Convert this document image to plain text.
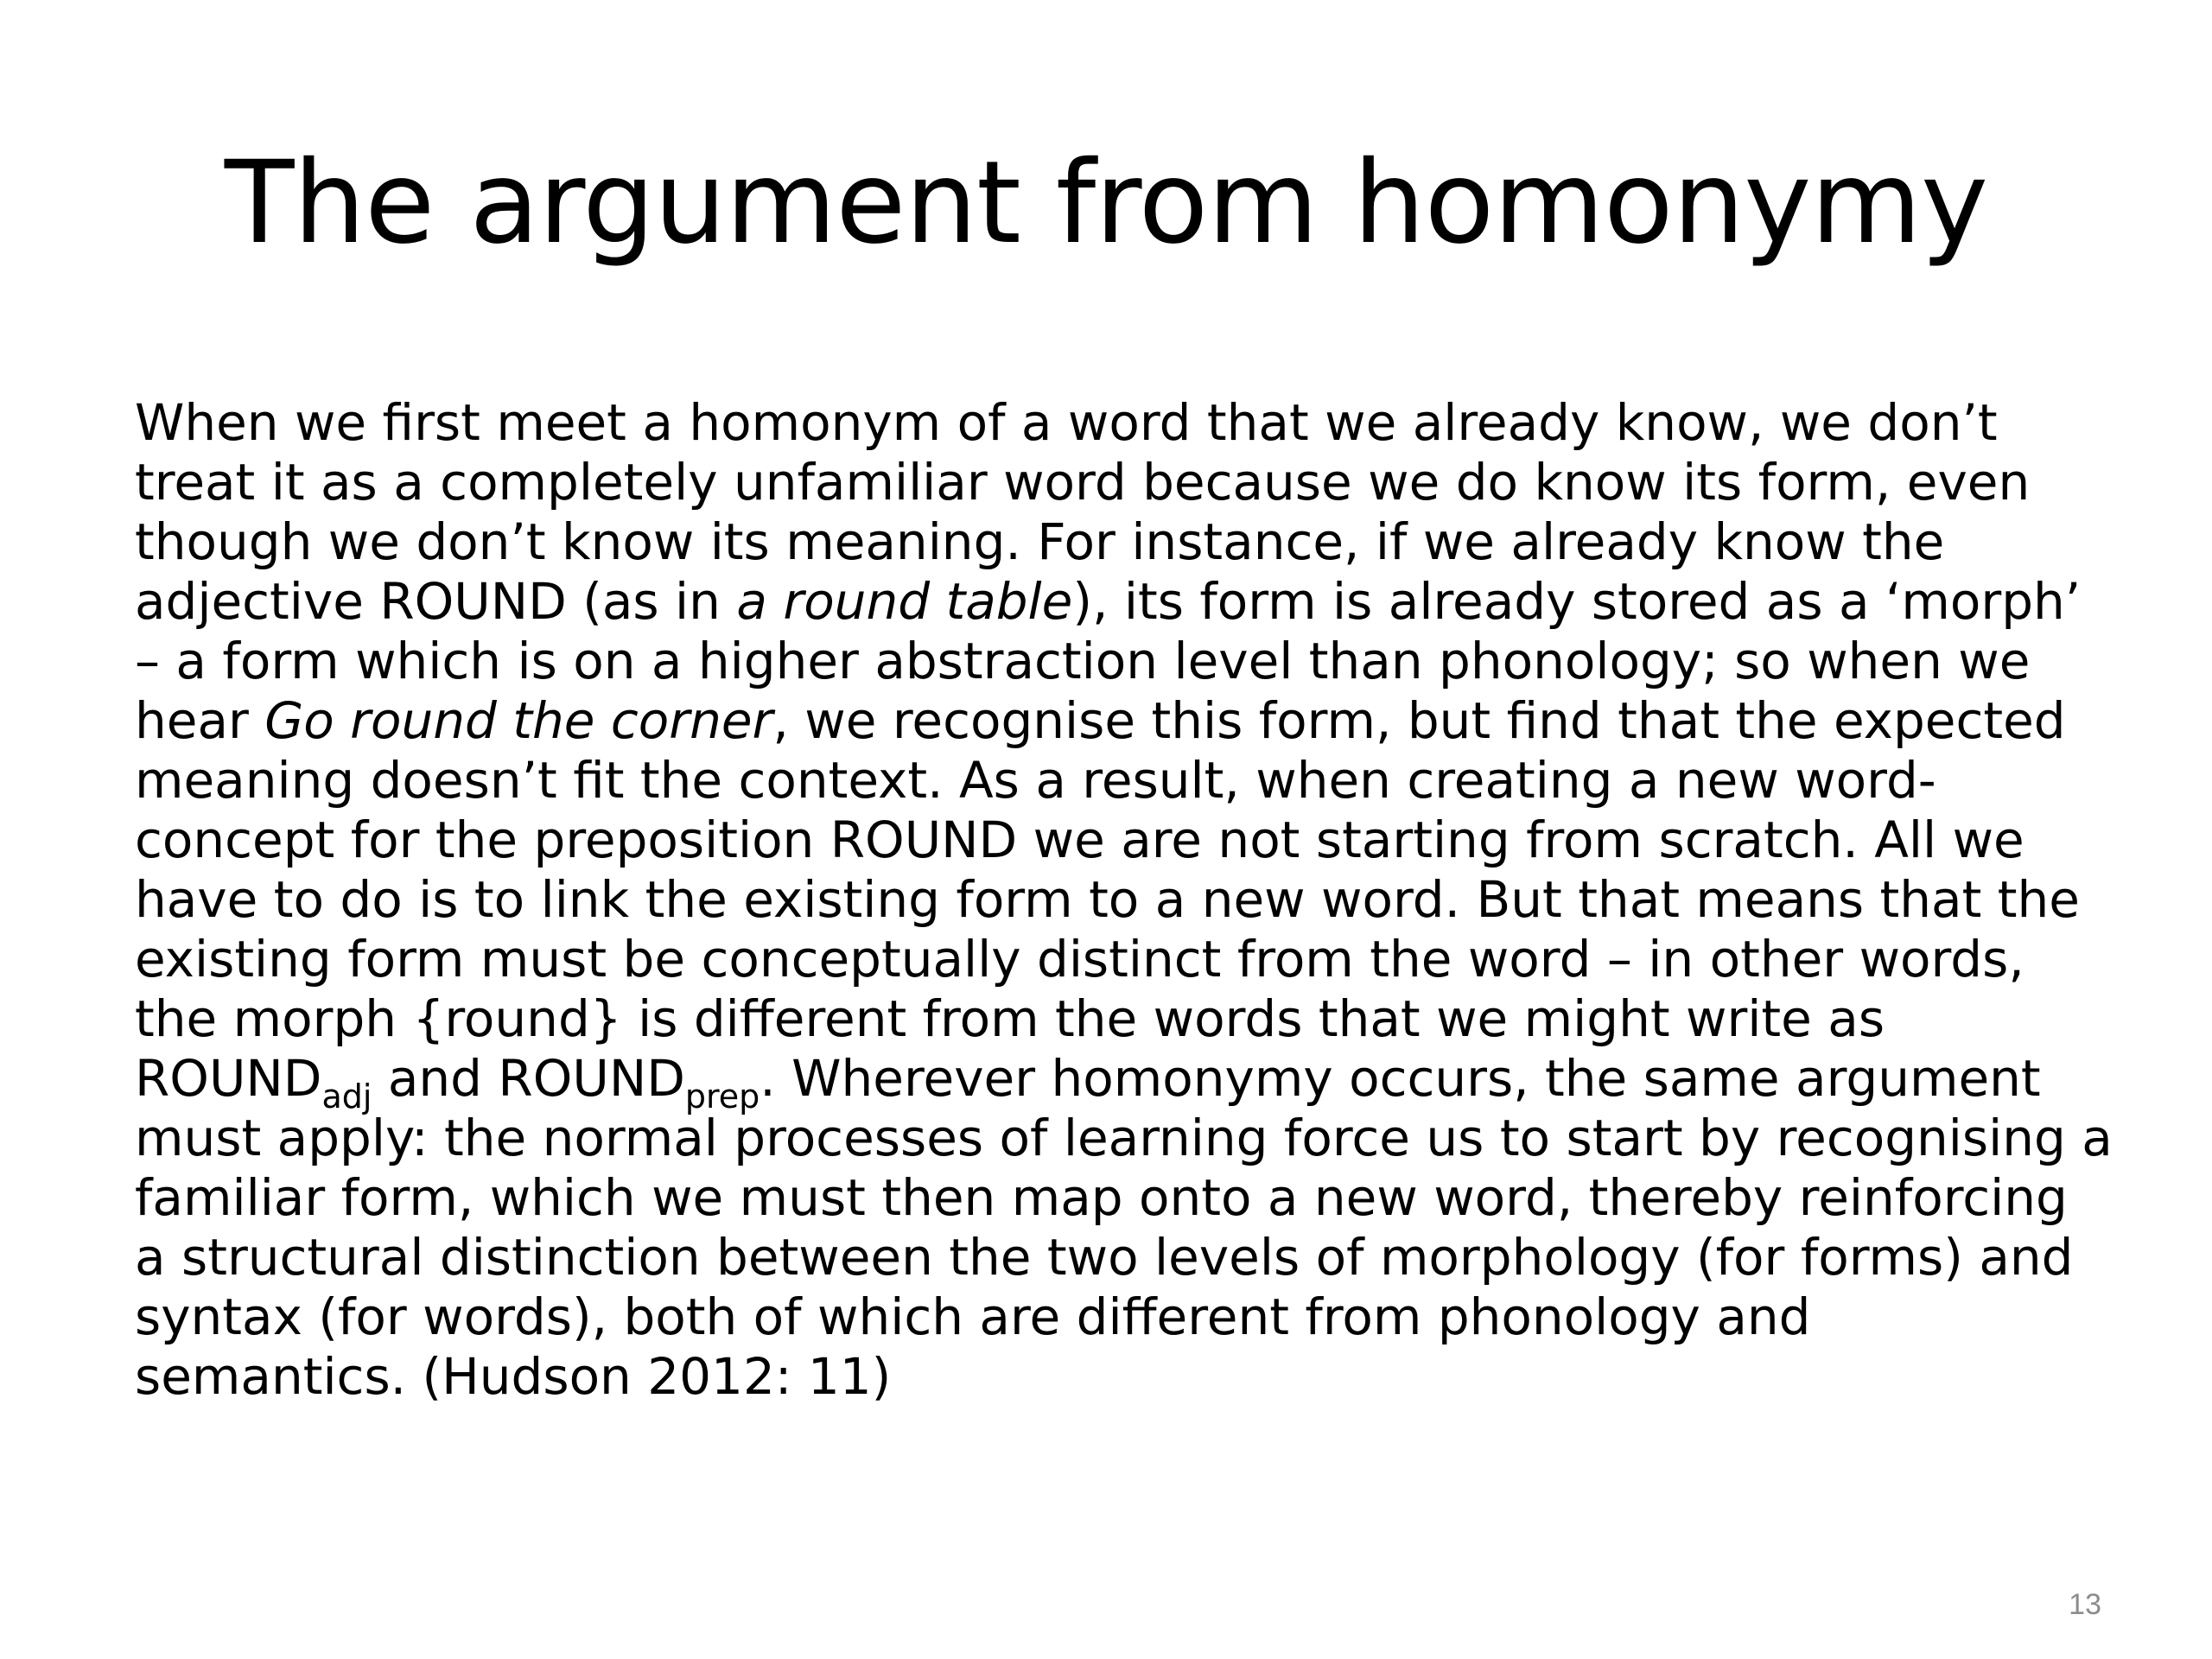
The argument from homonymy
When we first meet a homonym of a word that we already know, we don’t
treat it as a completely unfamiliar word because we do know its form, even
though we don’t know its meaning. For instance, if we already know the
adjective ROUND (as in a round table), its form is already stored as a ‘morph’
– a form which is on a higher abstraction level than phonology; so when we
hear Go round the corner, we recognise this form, but find that the expected
meaning doesn’t fit the context. As a result, when creating a new word-
concept for the preposition ROUND we are not starting from scratch. All we
have to do is to link the existing form to a new word. But that means that the
existing form must be conceptually distinct from the word – in other words,
the morph {round} is different from the words that we might write as
$ROUND_{adj}$ and $ROUND_{prep}$. Wherever homonymy occurs, the same argument
must apply: the normal processes of learning force us to start by recognising a
familiar form, which we must then map onto a new word, thereby reinforcing
a structural distinction between the two levels of morphology (for forms) and
syntax (for words), both of which are different from phonology and
semantics. (Hudson 2012: 11)
13
